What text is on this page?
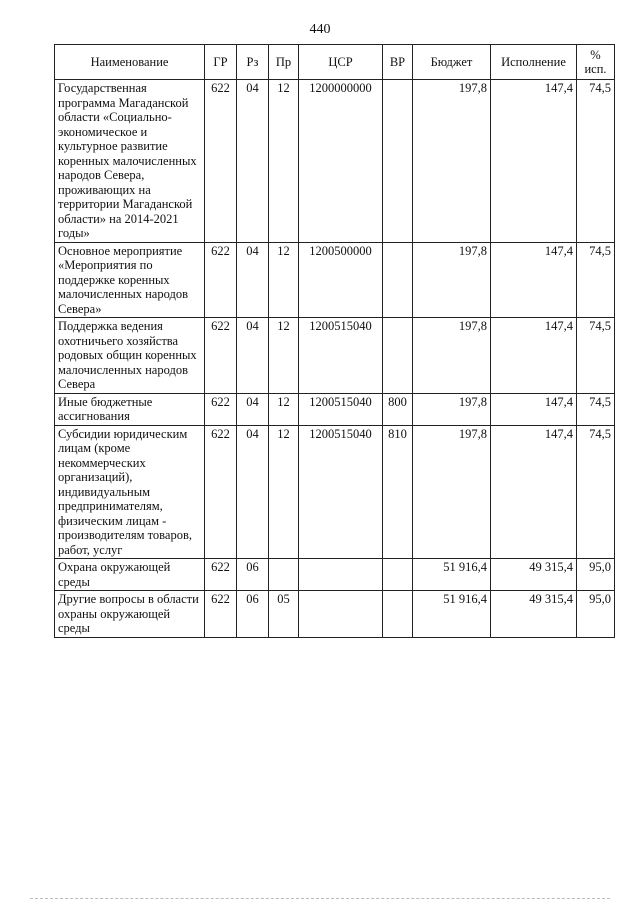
440
Наименование	ГР	Рз	Пр	ЦСР	ВР	Бюджет	Исполнение	% исп.
Государственная программа Магаданской области «Социально-экономическое и культурное развитие коренных малочисленных народов Севера, проживающих на территории Магаданской области» на 2014-2021 годы»	622	04	12	1200000000		197,8	147,4	74,5
Основное мероприятие «Мероприятия по поддержке коренных малочисленных народов Севера»	622	04	12	1200500000		197,8	147,4	74,5
Поддержка ведения охотничьего хозяйства родовых общин коренных малочисленных народов Севера	622	04	12	1200515040		197,8	147,4	74,5
Иные бюджетные ассигнования	622	04	12	1200515040	800	197,8	147,4	74,5
Субсидии юридическим лицам (кроме некоммерческих организаций), индивидуальным предпринимателям, физическим лицам - производителям товаров, работ, услуг	622	04	12	1200515040	810	197,8	147,4	74,5
Охрана окружающей среды	622	06				51 916,4	49 315,4	95,0
Другие вопросы в области охраны окружающей среды	622	06	05			51 916,4	49 315,4	95,0
